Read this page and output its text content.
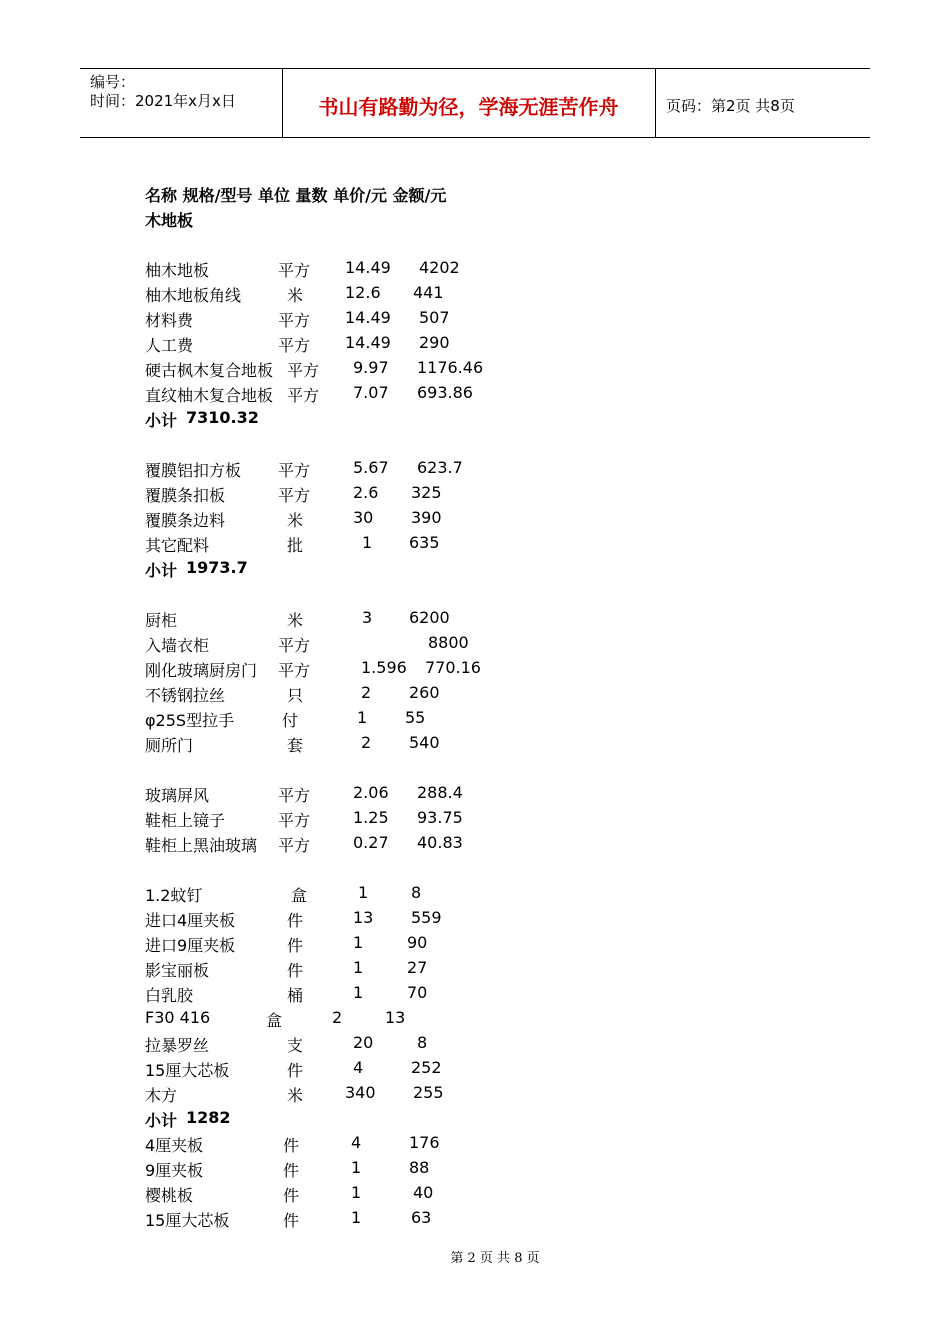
编号：
时间：2021年x月x日	书山有路勤为径，学海无涯苦作舟	页码：第2页 共8页
名称 规格/型号 单位 量数 单价/元 金额/元
木地板
柚木地板	平方 14.49 4202
柚木地板角线	米	12.6 441
材料费	平方 14.49 507
人工费	平方 14.49 290
硬古枫木复合地板 平方 9.97 1176.46
直纹柚木复合地板 平方 7.07 693.86
小计 7310.32
覆膜铝扣方板 平方	5.67 623.7
覆膜条扣板	平方	2.6 325
覆膜条边料	米	30 390
其它配料	批	1 635
小计 1973.7
厨柜	米	3 6200
入墙衣柜	平方	8800
刚化玻璃厨房门 平方	1.596 770.16
不锈钢拉丝	只	2 260
φ25S型拉手	付	1 55
厕所门	套	2 540
玻璃屏风	平方	2.06 288.4
鞋柜上镜子	平方	1.25 93.75
鞋柜上黑油玻璃 平方	0.27 40.83
1.2蚊钉	盒	1	8
进口4厘夹板	件	13 559
进口9厘夹板	件	1	90
影宝丽板	件	1	27
白乳胶	桶	1	70
F30 416	盒	2	13
拉暴罗丝	支	20	8
15厘大芯板	件	4	252
木方	米	340 255
小计 1282
4厘夹板	件	4	176
9厘夹板	件	1	88
樱桃板	件	1	40
15厘大芯板	件	1	63
第 2 页 共 8 页
